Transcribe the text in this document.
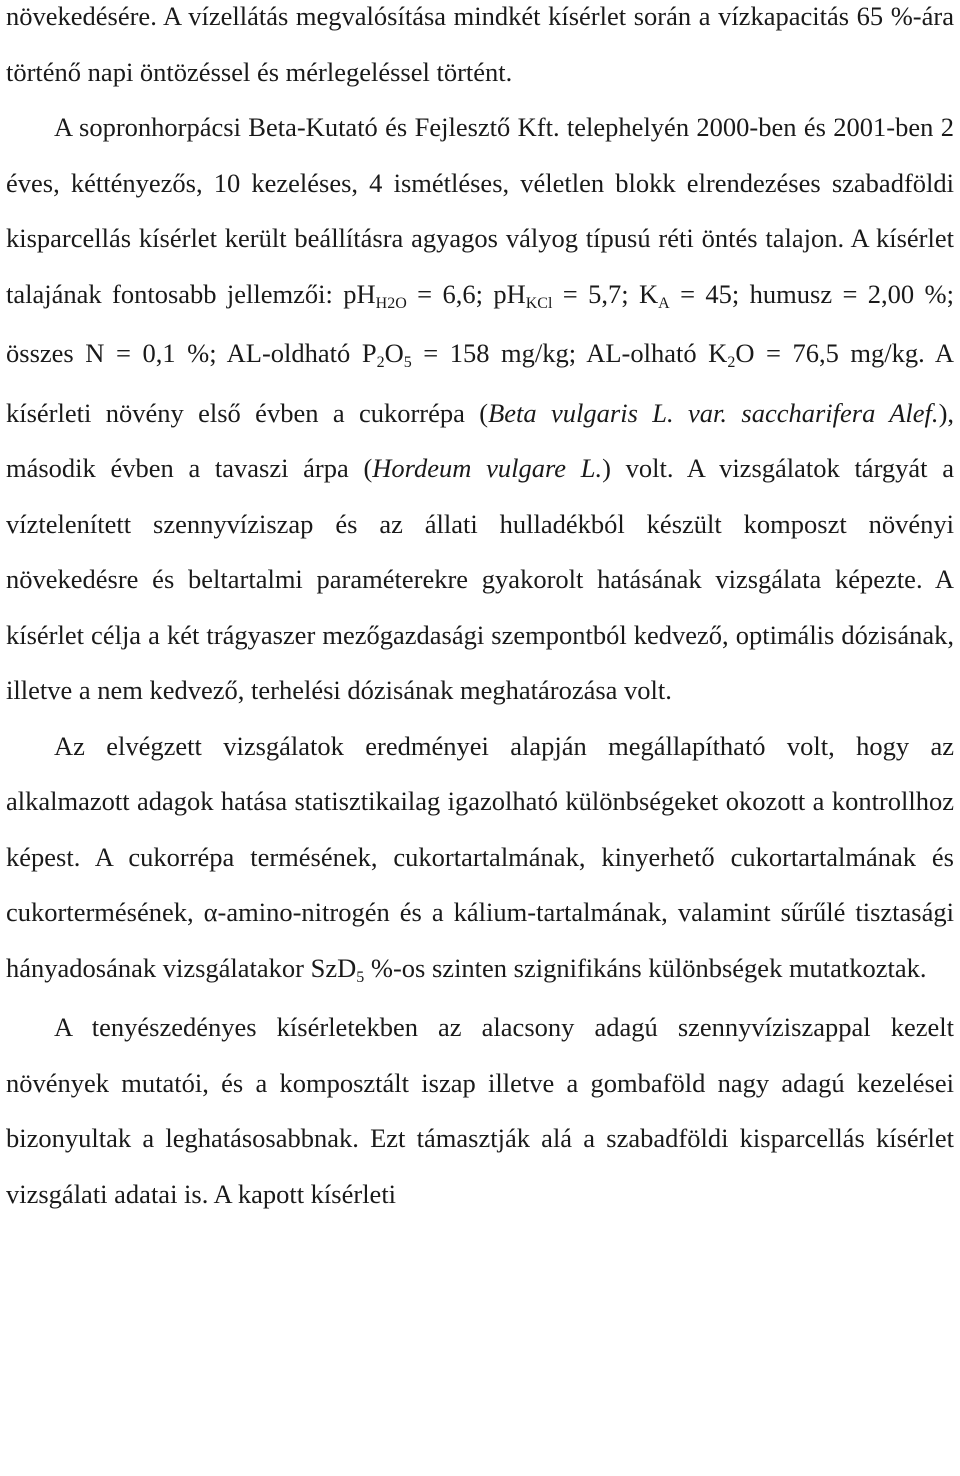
növekedésére. A vízellátás megvalósítása mindkét kísérlet során a vízkapacitás 65 %-ára történő napi öntözéssel és mérlegeléssel történt.
A sopronhorpácsi Beta-Kutató és Fejlesztő Kft. telephelyén 2000-ben és 2001-ben 2 éves, kéttényezős, 10 kezeléses, 4 ismétléses, véletlen blokk elrendezéses szabadföldi kisparcellás kísérlet került beállításra agyagos vályog típusú réti öntés talajon. A kísérlet talajának fontosabb jellemzői: pHH2O = 6,6; pHKCl = 5,7; KA = 45; humusz = 2,00 %; összes N = 0,1 %; AL-oldható P2O5 = 158 mg/kg; AL-olható K2O = 76,5 mg/kg. A kísérleti növény első évben a cukorrépa (Beta vulgaris L. var. saccharifera Alef.), második évben a tavaszi árpa (Hordeum vulgare L.) volt. A vizsgálatok tárgyát a víztelenített szennyvíziszap és az állati hulladékból készült komposzt növényi növekedésre és beltartalmi paraméterekre gyakorolt hatásának vizsgálata képezte. A kísérlet célja a két trágyaszer mezőgazdasági szempontból kedvező, optimális dózisának, illetve a nem kedvező, terhelési dózisának meghatározása volt.

Az elvégzett vizsgálatok eredményei alapján megállapítható volt, hogy az alkalmazott adagok hatása statisztikailag igazolható különbségeket okozott a kontrollhoz képest. A cukorrépa termésének, cukortartalmának, kinyerhető cukortartalmának és cukortermésének, α-amino-nitrogén és a kálium-tartalmának, valamint sűrűlé tisztasági hányadosának vizsgálatakor SzD5 %-os szinten szignifikáns különbségek mutatkoztak.

A tenyészedényes kísérletekben az alacsony adagú szennyvíziszappal kezelt növények mutatói, és a komposztált iszap illetve a gombaföld nagy adagú kezelései bizonyultak a leghatásosabbnak. Ezt támasztják alá a szabadföldi kisparcellás kísérlet vizsgálati adatai is. A kapott kísérleti
